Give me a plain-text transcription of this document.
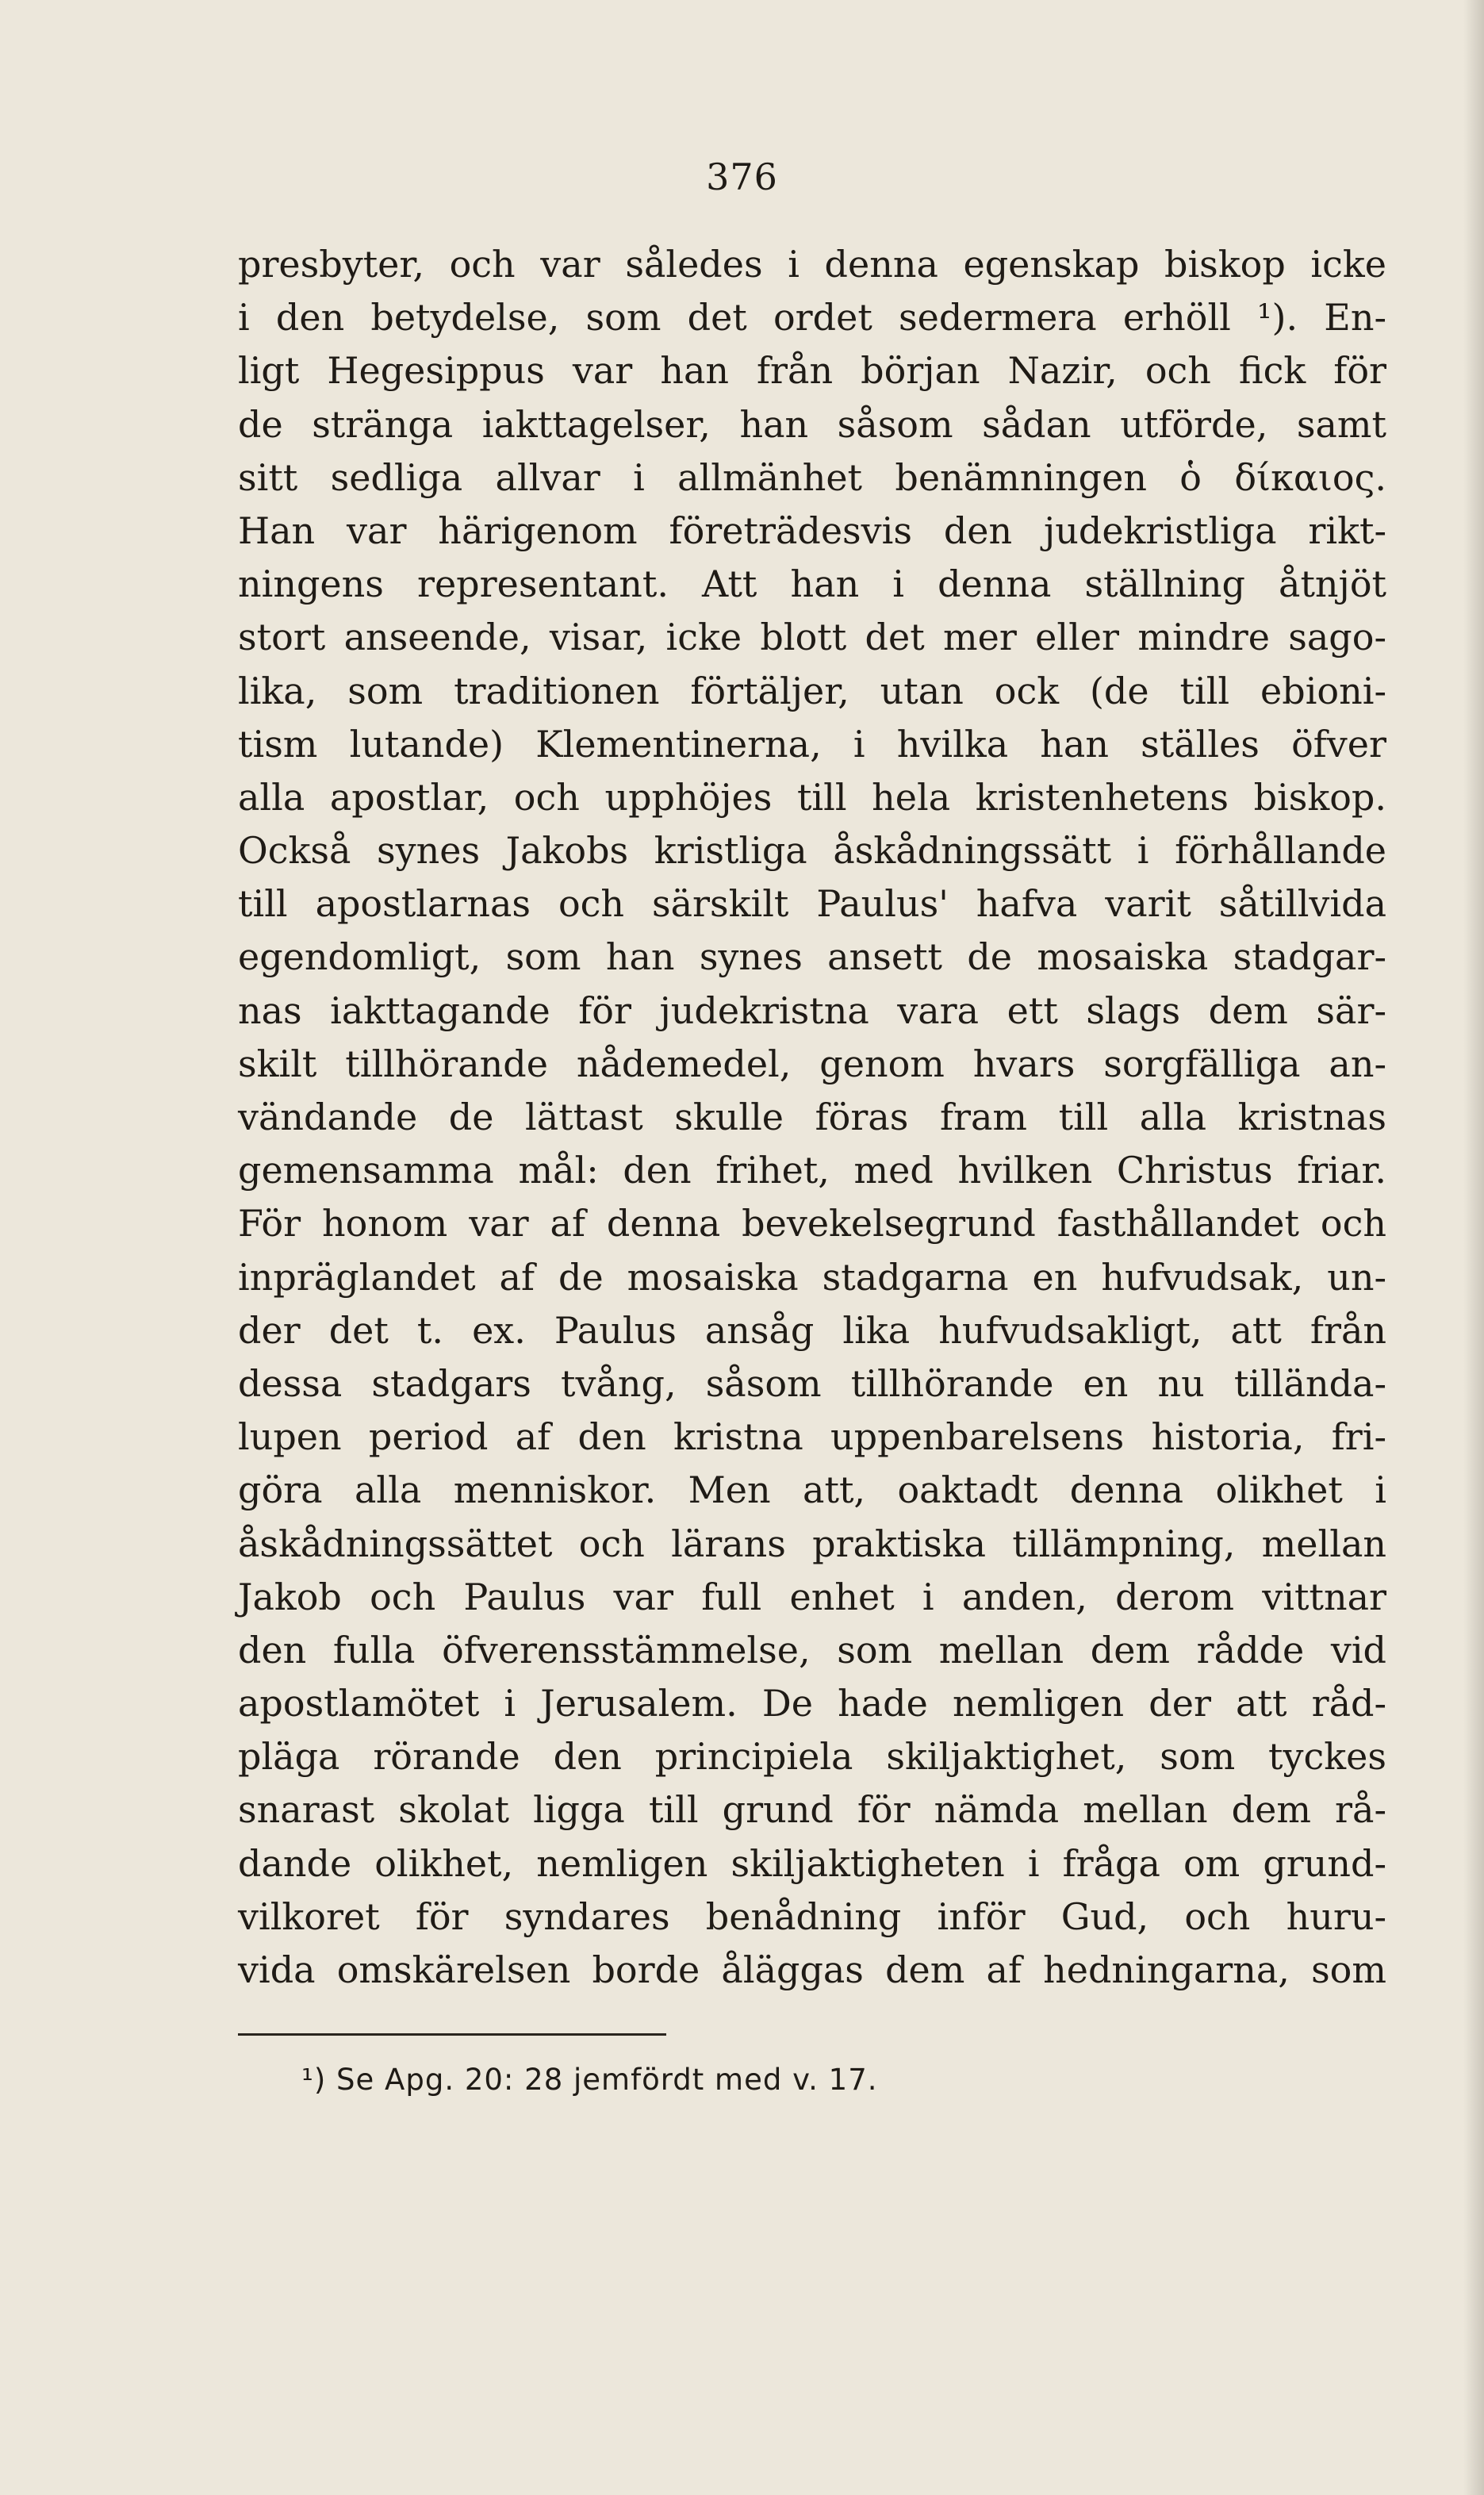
376
presbyter, och var således i denna egenskap biskop icke
i den betydelse, som det ordet sedermera erhöll ¹). En-
ligt Hegesippus var han från början Nazir, och fick för
de stränga iakttagelser, han såsom sådan utförde, samt
sitt sedliga allvar i allmänhet benämningen ὁ δίκαιος.
Han var härigenom företrädesvis den judekristliga rikt-
ningens representant. Att han i denna ställning åtnjöt
stort anseende, visar, icke blott det mer eller mindre sago-
lika, som traditionen förtäljer, utan ock (de till ebioni-
tism lutande) Klementinerna, i hvilka han ställes öfver
alla apostlar, och upphöjes till hela kristenhetens biskop.
Också synes Jakobs kristliga åskådningssätt i förhållande
till apostlarnas och särskilt Paulus' hafva varit såtillvida
egendomligt, som han synes ansett de mosaiska stadgar-
nas iakttagande för judekristna vara ett slags dem sär-
skilt tillhörande nådemedel, genom hvars sorgfälliga an-
vändande de lättast skulle föras fram till alla kristnas
gemensamma mål: den frihet, med hvilken Christus friar.
För honom var af denna bevekelsegrund fasthållandet och
inpräglandet af de mosaiska stadgarna en hufvudsak, un-
der det t. ex. Paulus ansåg lika hufvudsakligt, att från
dessa stadgars tvång, såsom tillhörande en nu tillända-
lupen period af den kristna uppenbarelsens historia, fri-
göra alla menniskor. Men att, oaktadt denna olikhet i
åskådningssättet och lärans praktiska tillämpning, mellan
Jakob och Paulus var full enhet i anden, derom vittnar
den fulla öfverensstämmelse, som mellan dem rådde vid
apostlamötet i Jerusalem. De hade nemligen der att råd-
pläga rörande den principiela skiljaktighet, som tyckes
snarast skolat ligga till grund för nämda mellan dem rå-
dande olikhet, nemligen skiljaktigheten i fråga om grund-
vilkoret för syndares benådning inför Gud, och huru-
vida omskärelsen borde åläggas dem af hedningarna, som
¹) Se Apg. 20: 28 jemfördt med v. 17.
